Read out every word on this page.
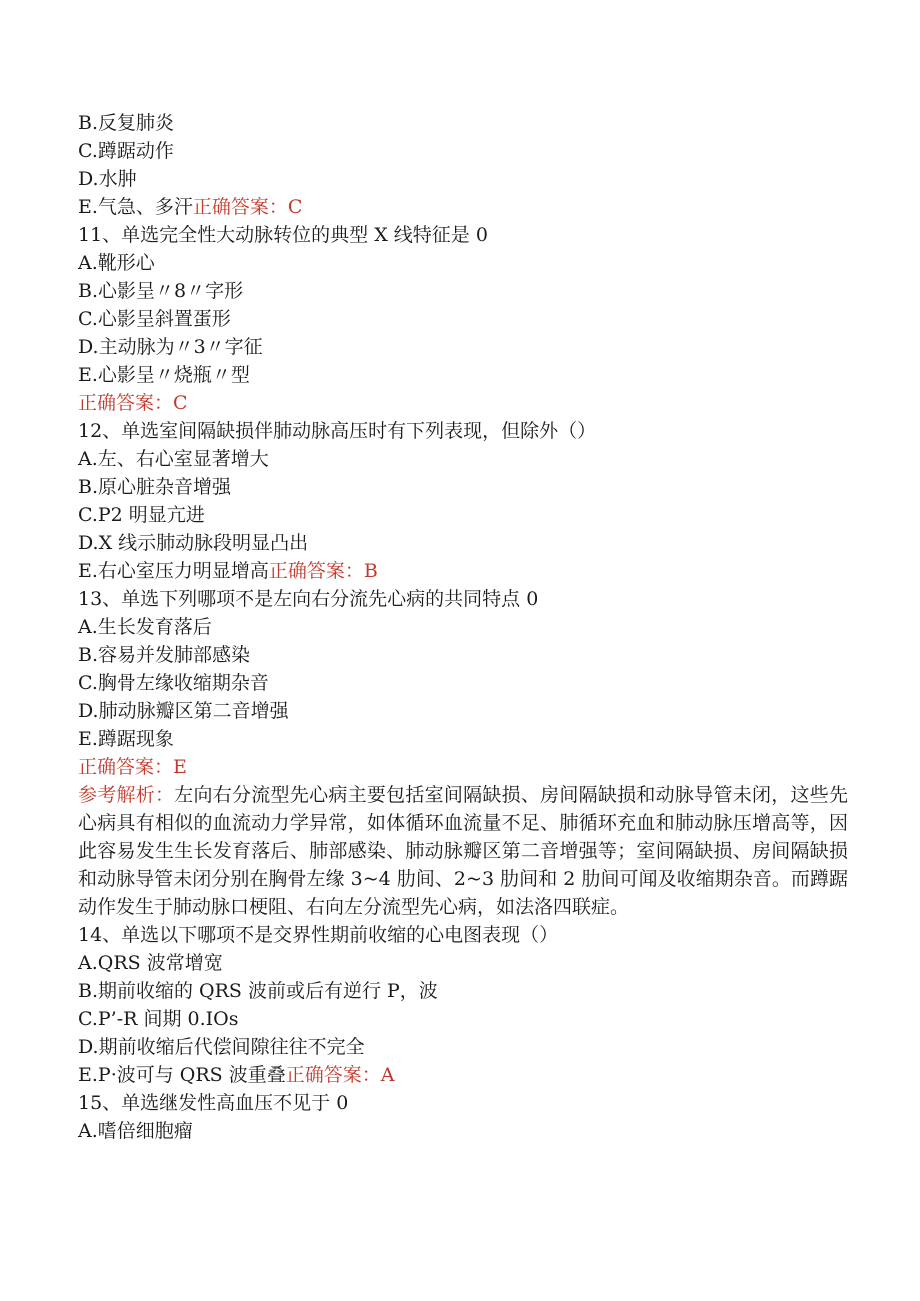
B.反复肺炎
C.蹲踞动作
D.水肿
E.气急、多汗正确答案：C
11、单选完全性大动脉转位的典型 X 线特征是 0
A.靴形心
B.心影呈〃8〃字形
C.心影呈斜置蛋形
D.主动脉为〃3〃字征
E.心影呈〃烧瓶〃型
正确答案：C
12、单选室间隔缺损伴肺动脉高压时有下列表现，但除外（）
A.左、右心室显著增大
B.原心脏杂音增强
C.P2 明显亢进
D.X 线示肺动脉段明显凸出
E.右心室压力明显增高正确答案：B
13、单选下列哪项不是左向右分流先心病的共同特点 0
A.生长发育落后
B.容易并发肺部感染
C.胸骨左缘收缩期杂音
D.肺动脉瓣区第二音增强
E.蹲踞现象
正确答案：E
参考解析：左向右分流型先心病主要包括室间隔缺损、房间隔缺损和动脉导管未闭，这些先心病具有相似的血流动力学异常，如体循环血流量不足、肺循环充血和肺动脉压增高等，因此容易发生生长发育落后、肺部感染、肺动脉瓣区第二音增强等；室间隔缺损、房间隔缺损和动脉导管未闭分别在胸骨左缘 3~4 肋间、2~3 肋间和 2 肋间可闻及收缩期杂音。而蹲踞动作发生于肺动脉口梗阻、右向左分流型先心病，如法洛四联症。
14、单选以下哪项不是交界性期前收缩的心电图表现（）
A.QRS 波常增宽
B.期前收缩的 QRS 波前或后有逆行 P，波
C.P’-R 间期 0.IOs
D.期前收缩后代偿间隙往往不完全
E.P·波可与 QRS 波重叠正确答案：A
15、单选继发性高血压不见于 0
A.嗜倍细胞瘤
